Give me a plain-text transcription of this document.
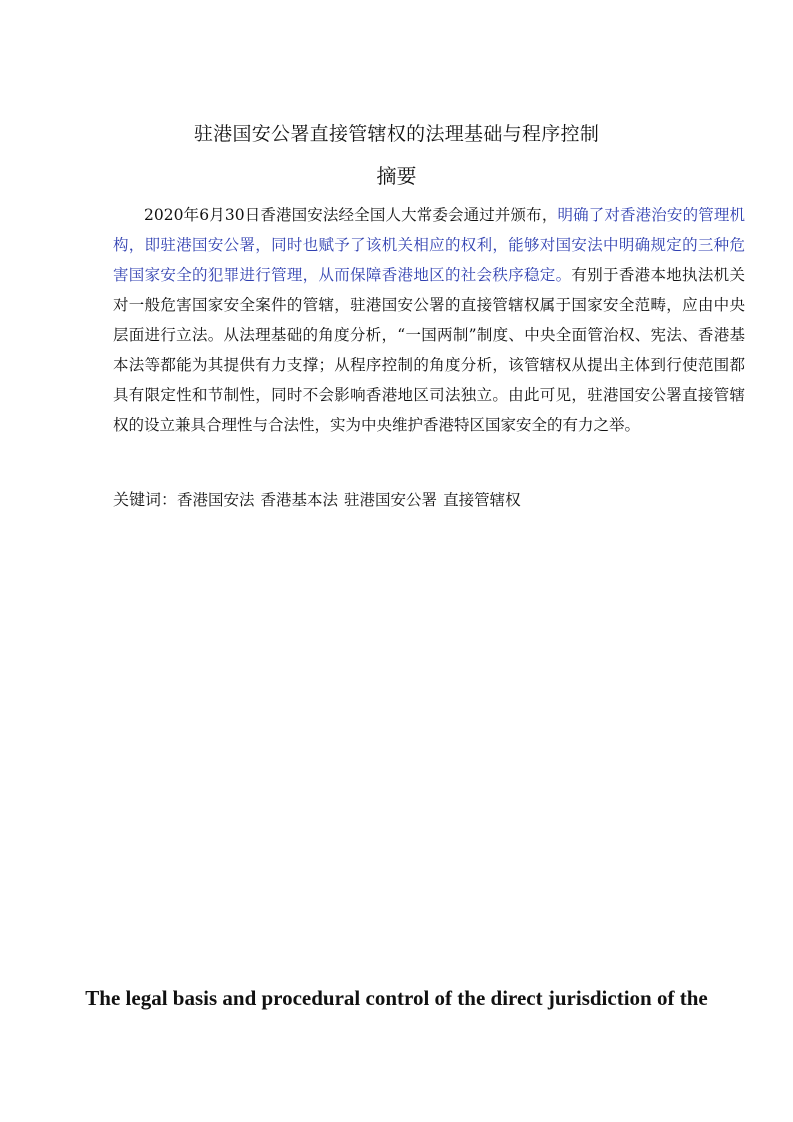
驻港国安公署直接管辖权的法理基础与程序控制
摘要

2020年6月30日香港国安法经全国人大常委会通过并颁布，明确了对香港治安的管理机构，即驻港国安公署，同时也赋予了该机关相应的权利，能够对国安法中明确规定的三种危害国家安全的犯罪进行管理，从而保障香港地区的社会秩序稳定。有别于香港本地执法机关对一般危害国家安全案件的管辖，驻港国安公署的直接管辖权属于国家安全范畴，应由中央层面进行立法。从法理基础的角度分析，“一国两制”制度、中央全面管治权、宪法、香港基本法等都能为其提供有力支撑；从程序控制的角度分析，该管辖权从提出主体到行使范围都具有限定性和节制性，同时不会影响香港地区司法独立。由此可见，驻港国安公署直接管辖权的设立兼具合理性与合法性，实为中央维护香港特区国家安全的有力之举。

关键词：香港国安法 香港基本法 驻港国安公署 直接管辖权
The legal basis and procedural control of the direct jurisdiction of the
